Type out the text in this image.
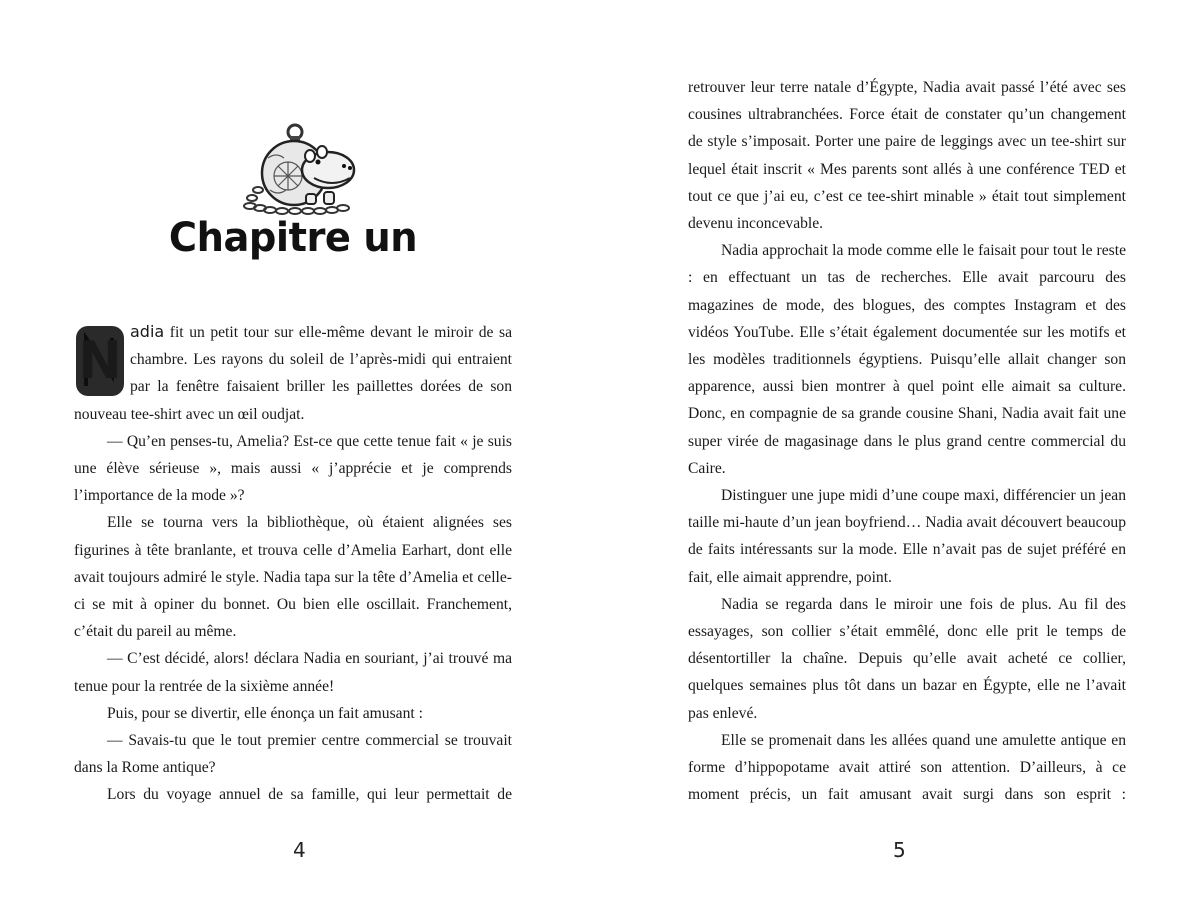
Chapitre un

N adia fit un petit tour sur elle-même devant le miroir de sa chambre. Les rayons du soleil de l’après-midi qui entraient par la fenêtre faisaient briller les paillettes dorées de son nouveau tee-shirt avec un œil oudjat.

— Qu’en penses-tu, Amelia? Est-ce que cette tenue fait « je suis une élève sérieuse », mais aussi « j’apprécie et je comprends l’importance de la mode »?

Elle se tourna vers la bibliothèque, où étaient alignées ses figurines à tête branlante, et trouva celle d’Amelia Earhart, dont elle avait toujours admiré le style. Nadia tapa sur la tête d’Amelia et celle-ci se mit à opiner du bonnet. Ou bien elle oscillait. Franchement, c’était du pareil au même.

— C’est décidé, alors! déclara Nadia en souriant, j’ai trouvé ma tenue pour la rentrée de la sixième année!

Puis, pour se divertir, elle énonça un fait amusant :

— Savais-tu que le tout premier centre commercial se trouvait dans la Rome antique?

Lors du voyage annuel de sa famille, qui leur permettait de

4

retrouver leur terre natale d’Égypte, Nadia avait passé l’été avec ses cousines ultrabranchées. Force était de constater qu’un changement de style s’imposait. Porter une paire de leggings avec un tee-shirt sur lequel était inscrit « Mes parents sont allés à une conférence TED et tout ce que j’ai eu, c’est ce tee-shirt minable » était tout simplement devenu inconcevable.

Nadia approchait la mode comme elle le faisait pour tout le reste : en effectuant un tas de recherches. Elle avait parcouru des magazines de mode, des blogues, des comptes Instagram et des vidéos YouTube. Elle s’était également documentée sur les motifs et les modèles traditionnels égyptiens. Puisqu’elle allait changer son apparence, aussi bien montrer à quel point elle aimait sa culture. Donc, en compagnie de sa grande cousine Shani, Nadia avait fait une super virée de magasinage dans le plus grand centre commercial du Caire.

Distinguer une jupe midi d’une coupe maxi, différencier un jean taille mi-haute d’un jean boyfriend… Nadia avait découvert beaucoup de faits intéressants sur la mode. Elle n’avait pas de sujet préféré en fait, elle aimait apprendre, point.

Nadia se regarda dans le miroir une fois de plus. Au fil des essayages, son collier s’était emmêlé, donc elle prit le temps de désentortiller la chaîne. Depuis qu’elle avait acheté ce collier, quelques semaines plus tôt dans un bazar en Égypte, elle ne l’avait pas enlevé.

Elle se promenait dans les allées quand une amulette antique en forme d’hippopotame avait attiré son attention. D’ailleurs, à ce moment précis, un fait amusant avait surgi dans son esprit :

5
